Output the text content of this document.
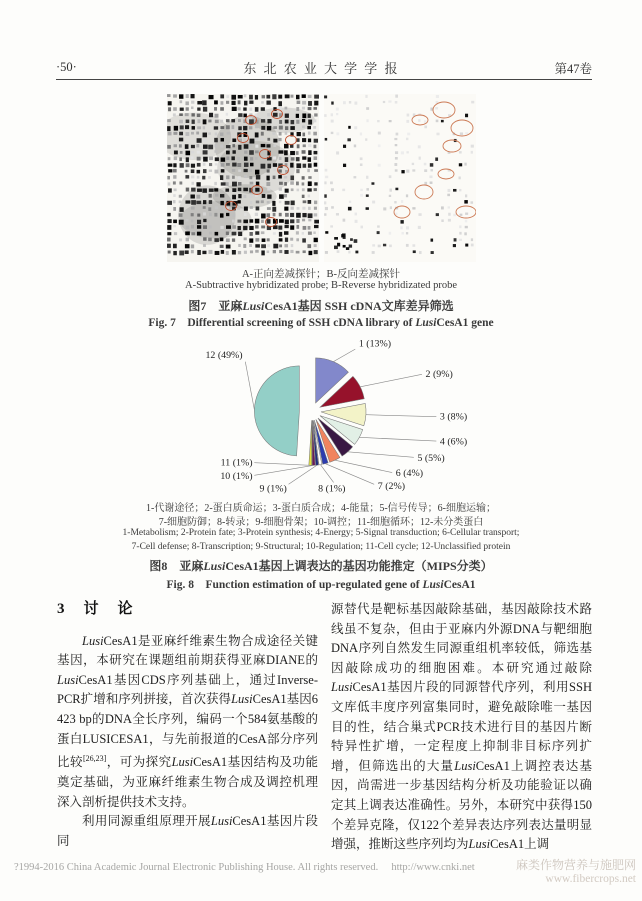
·50·	东北农业大学学报	第47卷
A-正向差减探针；B-反向差减探针
A-Subtractive hybridizated probe; B-Reverse hybridizated probe
图7　亚麻LusiCesA1基因 SSH cDNA文库差异筛选
Fig. 7　Differential screening of SSH cDNA library of LusiCesA1 gene
1 (13%)
2 (9%)
3 (8%)
4 (6%)
5 (5%)
6 (4%)
7 (2%)
8 (1%)
9 (1%)
10 (1%)
11 (1%)
12 (49%)
1-代谢途径；2-蛋白质命运；3-蛋白质合成；4-能量；5-信号传导；6-细胞运输；
7-细胞防御；8-转录；9-细胞骨架；10-调控；11-细胞循环；12-未分类蛋白
1-Metabolism; 2-Protein fate; 3-Protein synthesis; 4-Energy; 5-Signal transduction; 6-Cellular transport;
7-Cell defense; 8-Transcription; 9-Structural; 10-Regulation; 11-Cell cycle; 12-Unclassified protein
图8　亚麻LusiCesA1基因上调表达的基因功能推定（MIPS分类）
Fig. 8　Function estimation of up-regulated gene of LusiCesA1
3　讨　论
LusiCesA1是亚麻纤维素生物合成途径关键基因，本研究在课题组前期获得亚麻DIANE的LusiCesA1基因CDS序列基础上，通过Inverse-PCR扩增和序列拼接，首次获得LusiCesA1基因6 423 bp的DNA全长序列，编码一个584氨基酸的蛋白LUSICESA1，与先前报道的CesA部分序列比较[26,23]，可为探究LusiCesA1基因结构及功能奠定基础，为亚麻纤维素生物合成及调控机理深入剖析提供技术支持。
利用同源重组原理开展LusiCesA1基因片段同
源替代是靶标基因敲除基础，基因敲除技术路线虽不复杂，但由于亚麻内外源DNA与靶细胞DNA序列自然发生同源重组机率较低，筛选基因敲除成功的细胞困难。本研究通过敲除LusiCesA1基因片段的同源替代序列，利用SSH文库低丰度序列富集同时，避免敲除唯一基因目的性，结合巢式PCR技术进行目的基因片断特异性扩增，一定程度上抑制非目标序列扩增，但筛选出的大量LusiCesA1上调控表达基因，尚需进一步基因结构分析及功能验证以确定其上调表达准确性。另外，本研究中获得150个差异克隆，仅122个差异表达序列表达量明显增强，推断这些序列均为LusiCesA1上调
?1994-2016 China Academic Journal Electronic Publishing House. All rights reserved. http://www.cnki.net	麻类作物营养与施肥网
www.fibercrops.net
